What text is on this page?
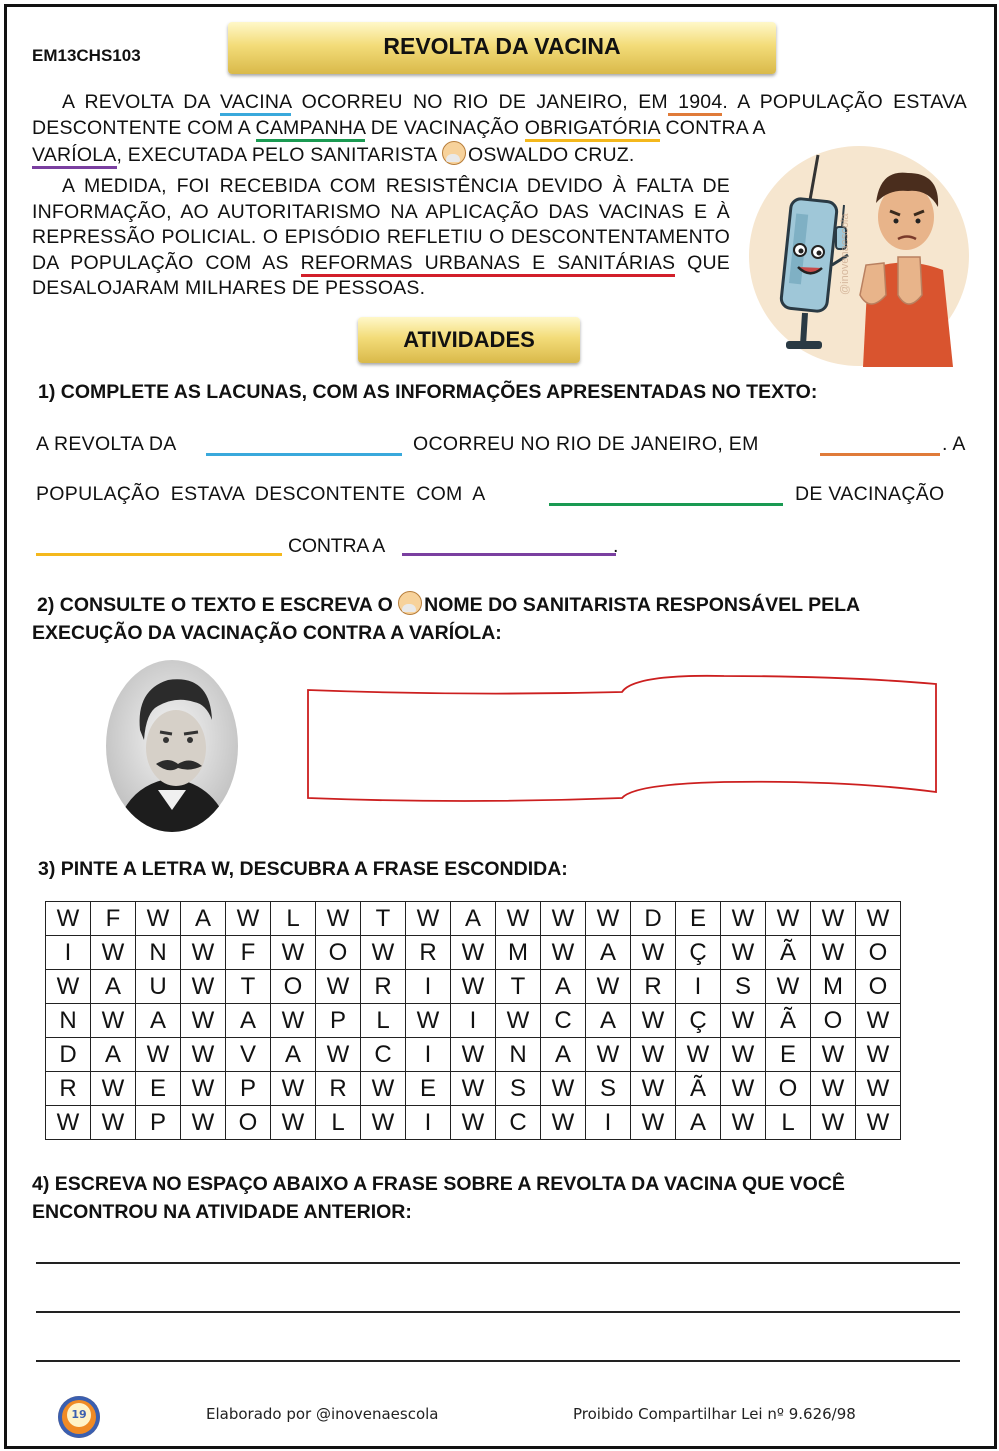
EM13CHS103	REVOLTA DA VACINA
A REVOLTA DA VACINA OCORREU NO RIO DE JANEIRO, EM 1904. A POPULAÇÃO ESTAVA DESCONTENTE COM A CAMPANHA DE VACINAÇÃO OBRIGATÓRIA CONTRA A
VARÍOLA, EXECUTADA PELO SANITARISTA OSWALDO CRUZ.
A MEDIDA, FOI RECEBIDA COM RESISTÊNCIA DEVIDO À FALTA DE INFORMAÇÃO, AO AUTORITARISMO NA APLICAÇÃO DAS VACINAS E À REPRESSÃO POLICIAL. O EPISÓDIO REFLETIU O DESCONTENTAMENTO DA POPULAÇÃO COM AS REFORMAS URBANAS E SANITÁRIAS QUE DESALOJARAM MILHARES DE PESSOAS.	@inovenaescola
ATIVIDADES
1) COMPLETE AS LACUNAS, COM AS INFORMAÇÕES APRESENTADAS NO TEXTO:
A REVOLTA DA	OCORREU NO RIO DE JANEIRO, EM	. A
POPULAÇÃO ESTAVA DESCONTENTE COM A	DE VACINAÇÃO
CONTRA A	.
2) CONSULTE O TEXTO E ESCREVA O NOME DO SANITARISTA RESPONSÁVEL PELA EXECUÇÃO DA VACINAÇÃO CONTRA A VARÍOLA:
3) PINTE A LETRA W, DESCUBRA A FRASE ESCONDIDA:
W	F	W	A	W	L	W	T	W	A	W	W	W	D	E	W	W	W	W
I	W	N	W	F	W	O	W	R	W	M	W	A	W	Ç	W	Ã	W	O
W	A	U	W	T	O	W	R	I	W	T	A	W	R	I	S	W	M	O
N	W	A	W	A	W	P	L	W	I	W	C	A	W	Ç	W	Ã	O	W
D	A	W	W	V	A	W	C	I	W	N	A	W	W	W	W	E	W	W
R	W	E	W	P	W	R	W	E	W	S	W	S	W	Ã	W	O	W	W
W	W	P	W	O	W	L	W	I	W	C	W	I	W	A	W	L	W	W
4) ESCREVA NO ESPAÇO ABAIXO A FRASE SOBRE A REVOLTA DA VACINA QUE VOCÊ ENCONTROU NA ATIVIDADE ANTERIOR:
19	Elaborado por @inovenaescola	Proibido Compartilhar Lei nº 9.626/98
